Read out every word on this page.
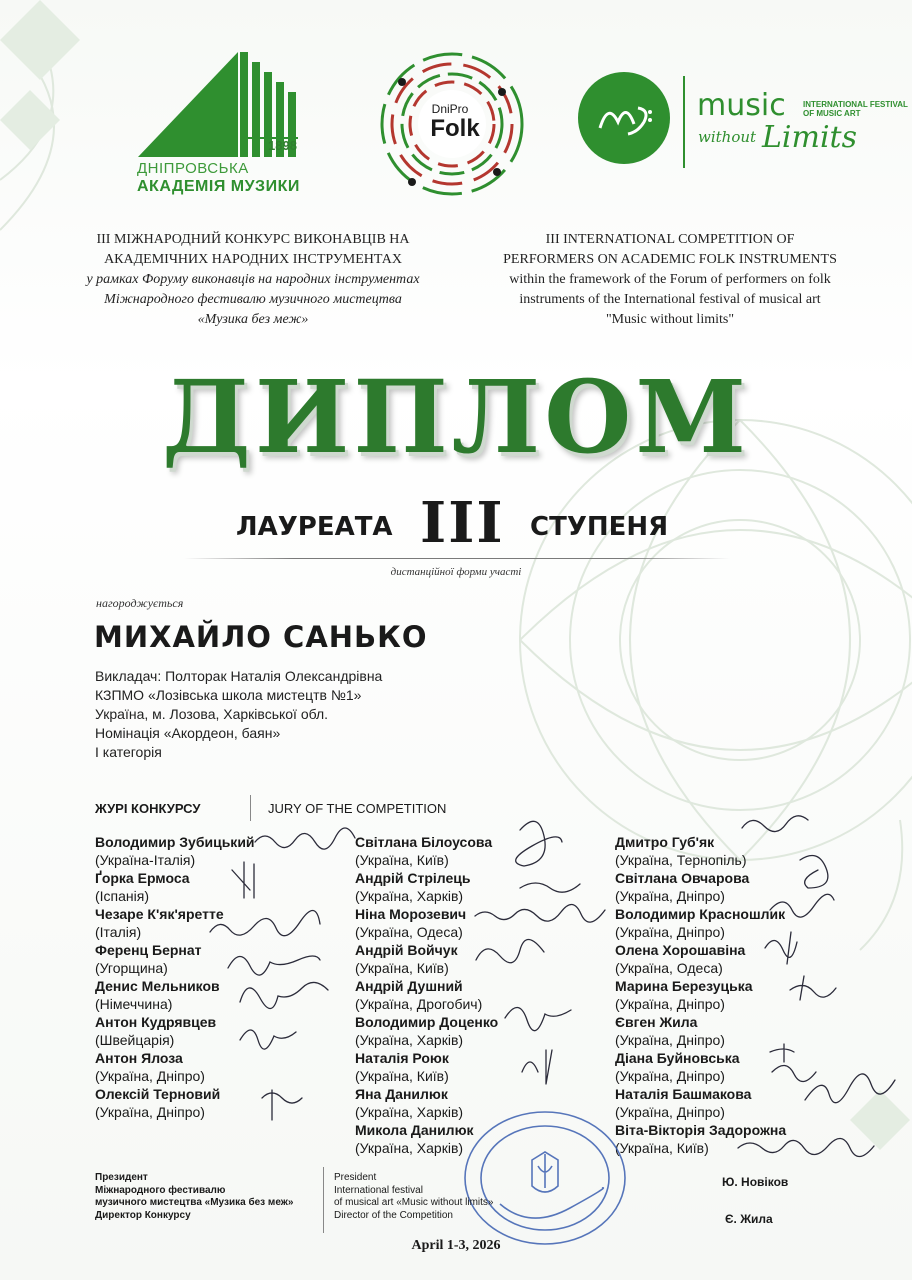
1898
ДНІПРОВСЬКА
АКАДЕМІЯ МУЗИКИ
DniPro
Folk
music INTERNATIONAL FESTIVAL
OF MUSIC ART
without Limits
ІІІ МІЖНАРОДНИЙ КОНКУРС ВИКОНАВЦІВ НА
АКАДЕМІЧНИХ НАРОДНИХ ІНСТРУМЕНТАХ
у рамках Форуму виконавців на народних інструментах
Міжнародного фестивалю музичного мистецтва
«Музика без меж»
III INTERNATIONAL COMPETITION OF
PERFORMERS ON ACADEMIC FOLK INSTRUMENTS
within the framework of the Forum of performers on folk
instruments of the International festival of musical art
"Music without limits"
ДИПЛОМ
ЛАУРЕАТА III СТУПЕНЯ
дистанційної форми участі
нагороджується
МИХАЙЛО САНЬКО
Викладач: Полторак Наталія Олександрівна
КЗПМО «Лозівська школа мистецтв №1»
Україна, м. Лозова, Харківської обл.
Номінація «Акордеон, баян»
І категорія
ЖУРІ КОНКУРСУ	JURY OF THE COMPETITION
Володимир Зубицький
(Україна-Італія)
Ґорка Ермоса
(Іспанія)
Чезаре К'як'яретте
(Італія)
Ференц Бернат
(Угорщина)
Денис Мельников
(Німеччина)
Антон Кудрявцев
(Швейцарія)
Антон Ялоза
(Україна, Дніпро)
Олексій Терновий
(Україна, Дніпро)
Світлана Білоусова
(Україна, Київ)
Андрій Стрілець
(Україна, Харків)
Ніна Морозевич
(Україна, Одеса)
Андрій Войчук
(Україна, Київ)
Андрій Душний
(Україна, Дрогобич)
Володимир Доценко
(Україна, Харків)
Наталія Роюк
(Україна, Київ)
Яна Данилюк
(Україна, Харків)
Микола Данилюк
(Україна, Харків)
Дмитро Губ'як
(Україна, Тернопіль)
Світлана Овчарова
(Україна, Дніпро)
Володимир Красношлик
(Україна, Дніпро)
Олена Хорошавіна
(Україна, Одеса)
Марина Березуцька
(Україна, Дніпро)
Євген Жила
(Україна, Дніпро)
Діана Буйновська
(Україна, Дніпро)
Наталія Башмакова
(Україна, Дніпро)
Віта-Вікторія Задорожна
(Україна, Київ)
Президент
Міжнародного фестивалю
музичного мистецтва «Музика без меж»
Директор Конкурсу
President
International festival
of musical art «Music without limits»
Director of the Competition
Ю. Новіков
Є. Жила
April 1-3, 2026
